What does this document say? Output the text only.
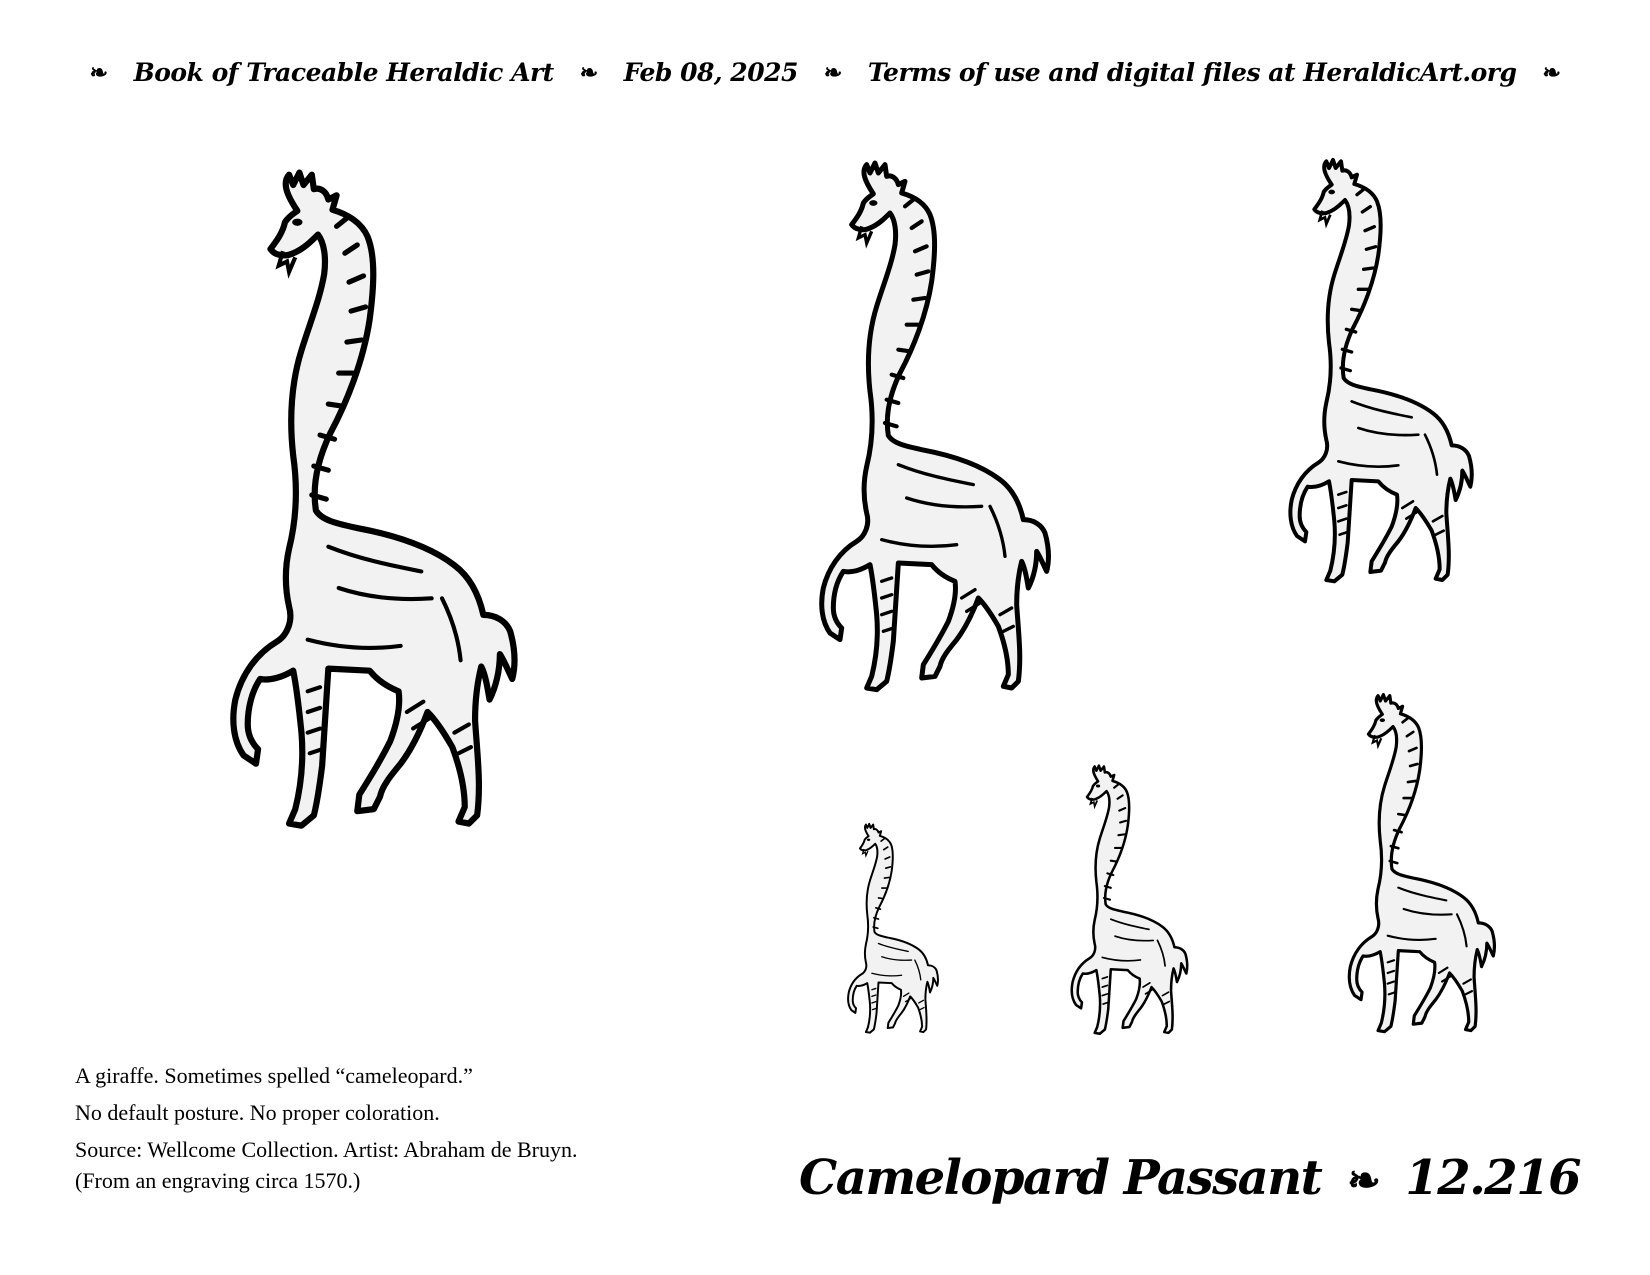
❧ Book of Traceable Heraldic Art ❧ Feb 08, 2025 ❧ Terms of use and digital files at HeraldicArt.org ❧

A giraffe. Sometimes spelled “cameleopard.”

No default posture. No proper coloration.

Source: Wellcome Collection. Artist: Abraham de Bruyn.

(From an engraving circa 1570.)	Camelopard Passant ❧ 12.216
